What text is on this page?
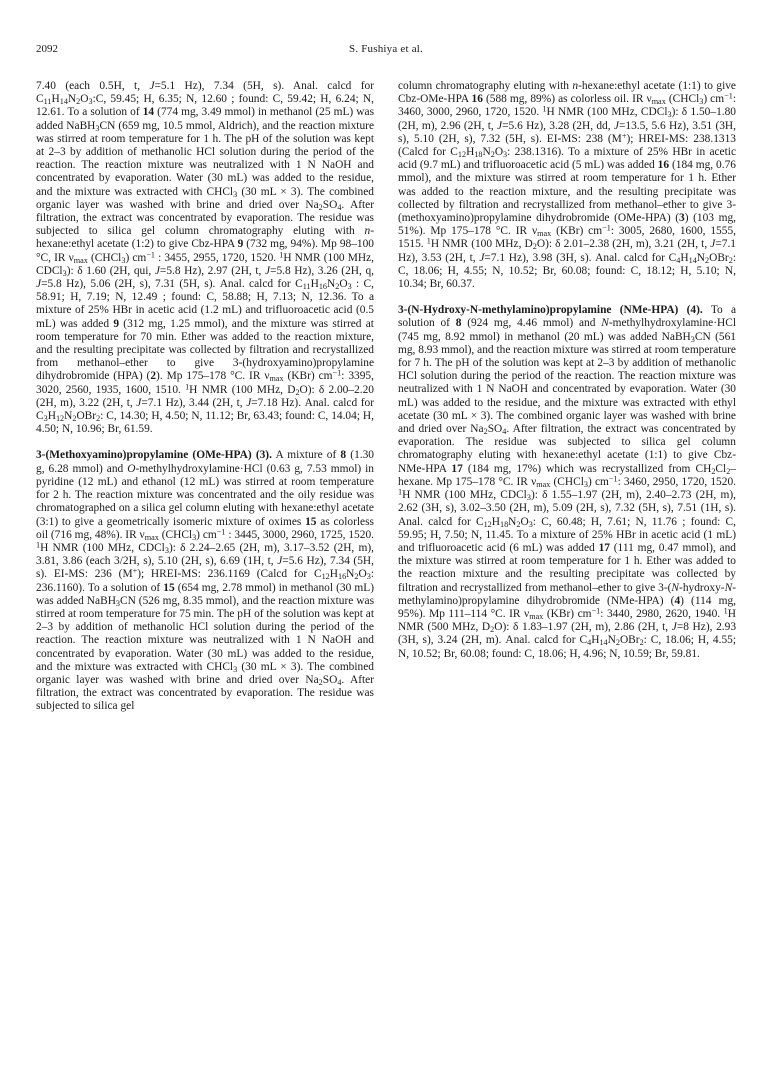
2092	S. Fushiya et al.

7.40 (each 0.5H, t, J=5.1 Hz), 7.34 (5H, s). Anal. calcd for $C_{11}H_{14}N_2O_3:C$, 59.45; H, 6.35; N, 12.60 ; found: C, 59.42; H, 6.24; N, 12.61. To a solution of 14 (774 mg, 3.49 mmol) in methanol (25 mL) was added NaBH$_3$CN (659 mg, 10.5 mmol, Aldrich), and the reaction mixture was stirred at room temperature for 1 h. The pH of the solution was kept at 2–3 by addition of methanolic HCl solution during the period of the reaction. The reaction mixture was neutralized with 1 N NaOH and concentrated by evaporation. Water (30 mL) was added to the residue, and the mixture was extracted with CHCl$_3$ (30 mL × 3). The combined organic layer was washed with brine and dried over $Na_2SO_4$. After filtration, the extract was concentrated by evaporation. The residue was subjected to silica gel column chromatography eluting with n-hexane:ethyl acetate (1:2) to give Cbz-HPA 9 (732 mg, 94%). Mp 98–100 °C, IR $\nu_{max}$ (CHCl$_3$) $cm^{-1}$ : 3455, 2955, 1720, 1520. $^1$H NMR (100 MHz, CDCl$_3$): δ 1.60 (2H, qui, J=5.8 Hz), 2.97 (2H, t, J=5.8 Hz), 3.26 (2H, q, J=5.8 Hz), 5.06 (2H, s), 7.31 (5H, s). Anal. calcd for $C_{11}H_{16}N_2O_3$ : C, 58.91; H, 7.19; N, 12.49 ; found: C, 58.88; H, 7.13; N, 12.36. To a mixture of 25% HBr in acetic acid (1.2 mL) and trifluoroacetic acid (0.5 mL) was added 9 (312 mg, 1.25 mmol), and the mixture was stirred at room temperature for 70 min. Ether was added to the reaction mixture, and the resulting precipitate was collected by filtration and recrystallized from methanol–ether to give 3-(hydroxyamino)propylamine dihydrobromide (HPA) (2). Mp 175–178 °C. IR $\nu_{max}$ (KBr) $cm^{-1}$: 3395, 3020, 2560, 1935, 1600, 1510. $^1$H NMR (100 MHz, $D_2O$): δ 2.00–2.20 (2H, m), 3.22 (2H, t, J=7.1 Hz), 3.44 (2H, t, J=7.18 Hz). Anal. calcd for $C_3H_{12}N_2OBr_2$: C, 14.30; H, 4.50; N, 11.12; Br, 63.43; found: C, 14.04; H, 4.50; N, 10.96; Br, 61.59.

3-(Methoxyamino)propylamine (OMe-HPA) (3). A mixture of 8 (1.30 g, 6.28 mmol) and O-methylhydroxylamine·HCl (0.63 g, 7.53 mmol) in pyridine (12 mL) and ethanol (12 mL) was stirred at room temperature for 2 h. The reaction mixture was concentrated and the oily residue was chromatographed on a silica gel column eluting with hexane:ethyl acetate (3:1) to give a geometrically isomeric mixture of oximes 15 as colorless oil (716 mg, 48%). IR $\nu_{max}$ (CHCl$_3$) $cm^{-1}$ : 3445, 3000, 2960, 1725, 1520. $^1$H NMR (100 MHz, CDCl$_3$): δ 2.24–2.65 (2H, m), 3.17–3.52 (2H, m), 3.81, 3.86 (each 3/2H, s), 5.10 (2H, s), 6.69 (1H, t, J=5.6 Hz), 7.34 (5H, s). EI-MS: 236 (M+); HREI-MS: 236.1169 (Calcd for $C_{12}H_{16}N_2O_3$: 236.1160). To a solution of 15 (654 mg, 2.78 mmol) in methanol (30 mL) was added NaBH$_3$CN (526 mg, 8.35 mmol), and the reaction mixture was stirred at room temperature for 75 min. The pH of the solution was kept at 2–3 by addition of methanolic HCl solution during the period of the reaction. The reaction mixture was neutralized with 1 N NaOH and concentrated by evaporation. Water (30 mL) was added to the residue, and the mixture was extracted with CHCl$_3$ (30 mL × 3). The combined organic layer was washed with brine and dried over $Na_2SO_4$. After filtration, the extract was concentrated by evaporation. The residue was subjected to silica gel

column chromatography eluting with n-hexane:ethyl acetate (1:1) to give Cbz-OMe-HPA 16 (588 mg, 89%) as colorless oil. IR $\nu_{max}$ (CHCl$_3$) $cm^{-1}$: 3460, 3000, 2960, 1720, 1520. $^1$H NMR (100 MHz, CDCl$_3$): δ 1.50–1.80 (2H, m), 2.96 (2H, t, J=5.6 Hz), 3.28 (2H, dd, J=13.5, 5.6 Hz), 3.51 (3H, s), 5.10 (2H, s), 7.32 (5H, s). EI-MS: 238 (M+); HREI-MS: 238.1313 (Calcd for $C_{12}H_{18}N_2O_3$: 238.1316). To a mixture of 25% HBr in acetic acid (9.7 mL) and trifluoroacetic acid (5 mL) was added 16 (184 mg, 0.76 mmol), and the mixture was stirred at room temperature for 1 h. Ether was added to the reaction mixture, and the resulting precipitate was collected by filtration and recrystallized from methanol–ether to give 3-(methoxyamino)propylamine dihydrobromide (OMe-HPA) (3) (103 mg, 51%). Mp 175–178 °C. IR $\nu_{max}$ (KBr) $cm^{-1}$: 3005, 2680, 1600, 1555, 1515. $^1$H NMR (100 MHz, $D_2O$): δ 2.01–2.38 (2H, m), 3.21 (2H, t, J=7.1 Hz), 3.53 (2H, t, J=7.1 Hz), 3.98 (3H, s). Anal. calcd for $C_4H_{14}N_2OBr_2$: C, 18.06; H, 4.55; N, 10.52; Br, 60.08; found: C, 18.12; H, 5.10; N, 10.34; Br, 60.37.

3-(N-Hydroxy-N-methylamino)propylamine (NMe-HPA) (4). To a solution of 8 (924 mg, 4.46 mmol) and N-methylhydroxylamine·HCl (745 mg, 8.92 mmol) in methanol (20 mL) was added NaBH$_3$CN (561 mg, 8.93 mmol), and the reaction mixture was stirred at room temperature for 7 h. The pH of the solution was kept at 2–3 by addition of methanolic HCl solution during the period of the reaction. The reaction mixture was neutralized with 1 N NaOH and concentrated by evaporation. Water (30 mL) was added to the residue, and the mixture was extracted with ethyl acetate (30 mL × 3). The combined organic layer was washed with brine and dried over $Na_2SO_4$. After filtration, the extract was concentrated by evaporation. The residue was subjected to silica gel column chromatography eluting with hexane:ethyl acetate (1:1) to give Cbz-NMe-HPA 17 (184 mg, 17%) which was recrystallized from $CH_2Cl_2$–hexane. Mp 175–178 °C. IR $\nu_{max}$ (CHCl$_3$) $cm^{-1}$: 3460, 2950, 1720, 1520. $^1$H NMR (100 MHz, CDCl$_3$): δ 1.55–1.97 (2H, m), 2.40–2.73 (2H, m), 2.62 (3H, s), 3.02–3.50 (2H, m), 5.09 (2H, s), 7.32 (5H, s), 7.51 (1H, s). Anal. calcd for $C_{12}H_{18}N_2O_3$: C, 60.48; H, 7.61; N, 11.76 ; found: C, 59.95; H, 7.50; N, 11.45. To a mixture of 25% HBr in acetic acid (1 mL) and trifluoroacetic acid (6 mL) was added 17 (111 mg, 0.47 mmol), and the mixture was stirred at room temperature for 1 h. Ether was added to the reaction mixture and the resulting precipitate was collected by filtration and recrystallized from methanol–ether to give 3-(N-hydroxy-N-methylamino)propylamine dihydrobromide (NMe-HPA) (4) (114 mg, 95%). Mp 111–114 °C. IR $\nu_{max}$ (KBr) $cm^{-1}$: 3440, 2980, 2620, 1940. $^1$H NMR (500 MHz, $D_2O$): δ 1.83–1.97 (2H, m), 2.86 (2H, t, J=8 Hz), 2.93 (3H, s), 3.24 (2H, m). Anal. calcd for $C_4H_{14}N_2OBr_2$: C, 18.06; H, 4.55; N, 10.52; Br, 60.08; found: C, 18.06; H, 4.96; N, 10.59; Br, 59.81.
